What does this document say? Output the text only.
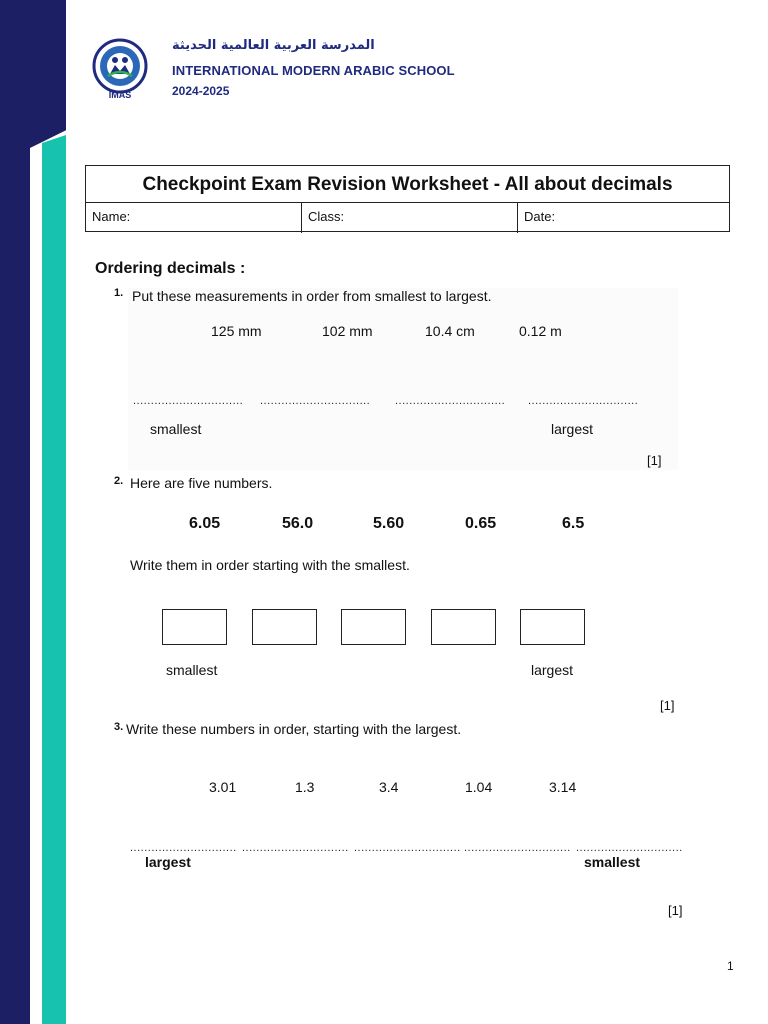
IMAS
المدرسة العربية العالمية الحديثة
INTERNATIONAL MODERN ARABIC SCHOOL
2024-2025
Checkpoint Exam Revision Worksheet - All about decimals
Name:	Class:	Date:
Ordering decimals :
1. Put these measurements in order from smallest to largest.
125 mm	102 mm	10.4 cm	0.12 m
............................... ............................... ............................... ...............................
smallest	largest
[1]
2. Here are five numbers.
6.05	56.0	5.60	0.65	6.5
Write them in order starting with the smallest.
smallest	largest
[1]
3. Write these numbers in order, starting with the largest.
3.01	1.3	3.4	1.04	3.14
.............................. .............................. .............................. .............................. ..............................
largest	smallest
[1]
1
